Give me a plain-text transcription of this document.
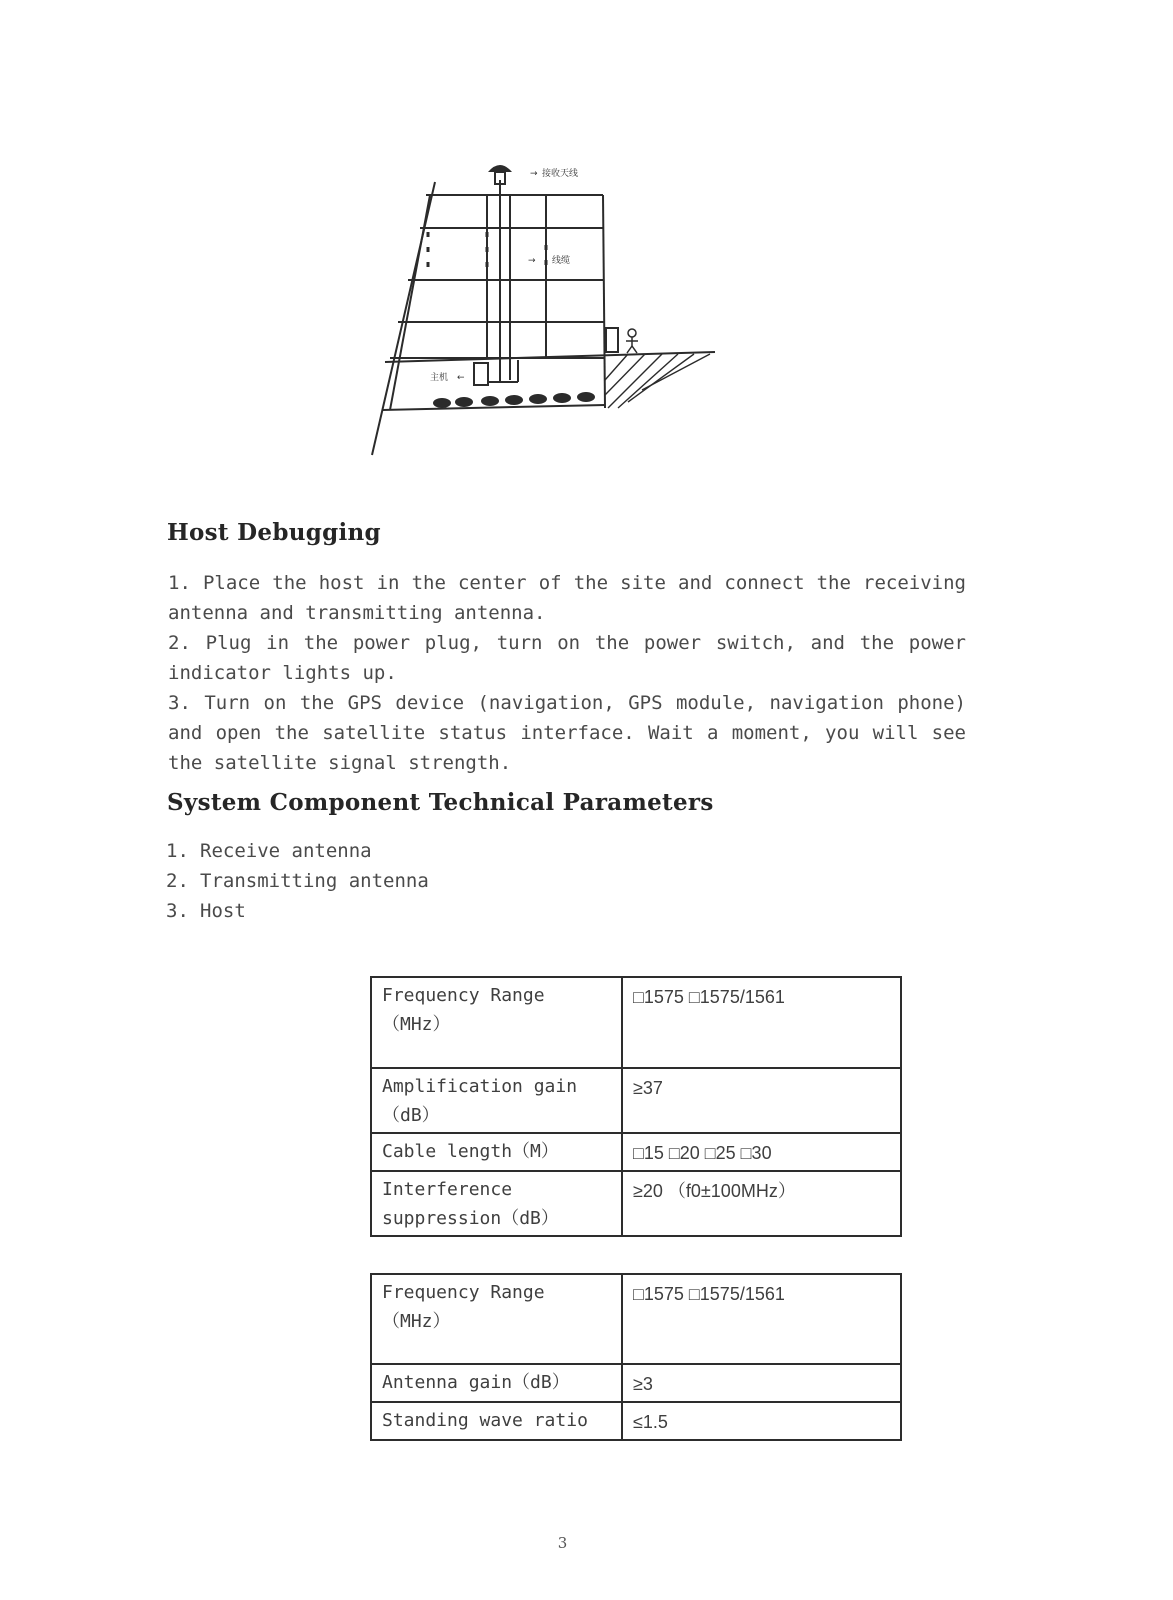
→ 接收天线
→ 线缆
主机 ←
Host Debugging

1. Place the host in the center of the site and connect the receiving antenna and transmitting antenna.

2. Plug in the power plug, turn on the power switch, and the power indicator lights up.

3. Turn on the GPS device (navigation, GPS module, navigation phone) and open the satellite status interface. Wait a moment, you will see the satellite signal strength.

System Component Technical Parameters
1. Receive antenna
2. Transmitting antenna
3. Host
Frequency Range （MHz）	□1575 □1575/1561
Amplification gain （dB）	≥37
Cable length（M）	□15 □20 □25 □30
Interference suppression（dB）	≥20 （f0±100MHz）
Frequency Range （MHz）	□1575 □1575/1561
Antenna gain（dB）	≥3
Standing wave ratio	≤1.5
3
